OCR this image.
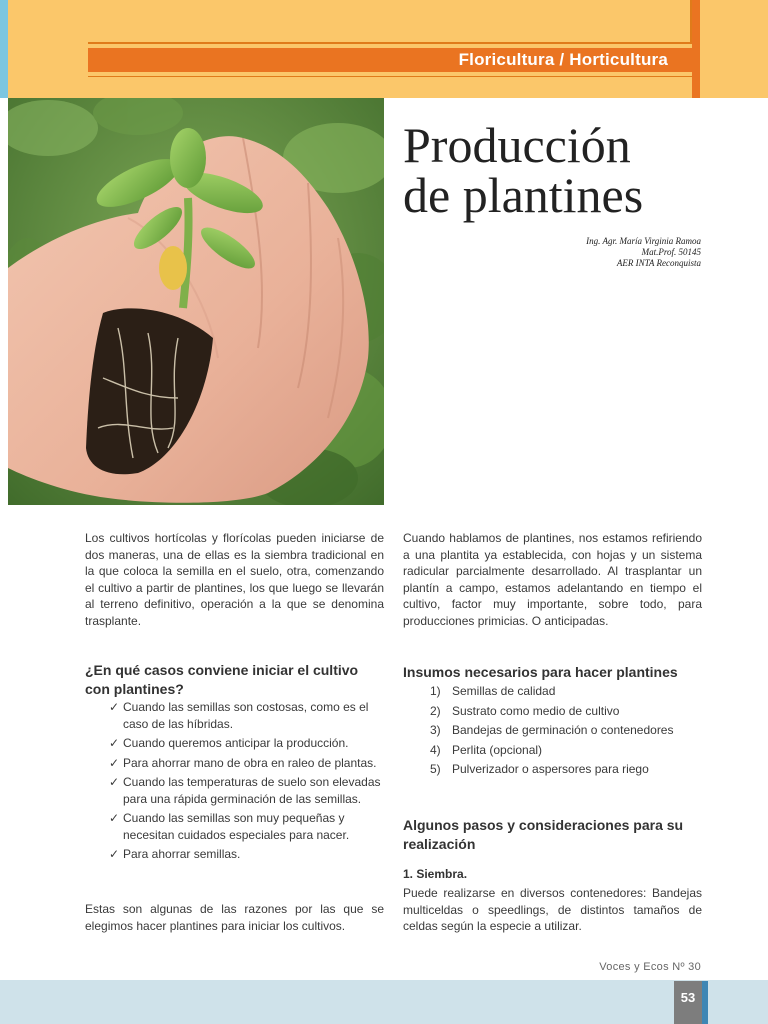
Floricultura / Horticultura
Producción
de plantines
Ing. Agr. María Virginia Ramoa
Mat.Prof. 50145
AER INTA Reconquista

Los cultivos hortícolas y florícolas pueden iniciarse de dos maneras, una de ellas es la siembra tradicional en la que coloca la semilla en el suelo, otra, comenzando el cultivo a partir de plantines, los que luego se llevarán al terreno definitivo, operación a la que se denomina trasplante.

¿En qué casos conviene iniciar el cultivo con plantines?
✓ Cuando las semillas son costosas, como es el caso de las híbridas.
✓ Cuando queremos anticipar la producción.
✓ Para ahorrar mano de obra en raleo de plantas.
✓ Cuando las temperaturas de suelo son elevadas para una rápida germinación de las semillas.
✓ Cuando las semillas son muy pequeñas y necesitan cuidados especiales para nacer.
✓ Para ahorrar semillas.

Estas son algunas de las razones por las que se elegimos hacer plantines para iniciar los cultivos.

Cuando hablamos de plantines, nos estamos refiriendo a una plantita ya establecida, con hojas y un sistema radicular parcialmente desarrollado. Al trasplantar un plantín a campo, estamos adelantando en tiempo el cultivo, factor muy importante, sobre todo, para producciones primicias. O anticipadas.

Insumos necesarios para hacer plantines
1) Semillas de calidad
2) Sustrato como medio de cultivo
3) Bandejas de germinación o contenedores
4) Perlita (opcional)
5) Pulverizador o aspersores para riego
Algunos pasos y consideraciones para su realización
1. Siembra.

Puede realizarse en diversos contenedores: Bandejas multiceldas o speedlings, de distintos tamaños de celdas según la especie a utilizar.

Voces y Ecos Nº 30
53
